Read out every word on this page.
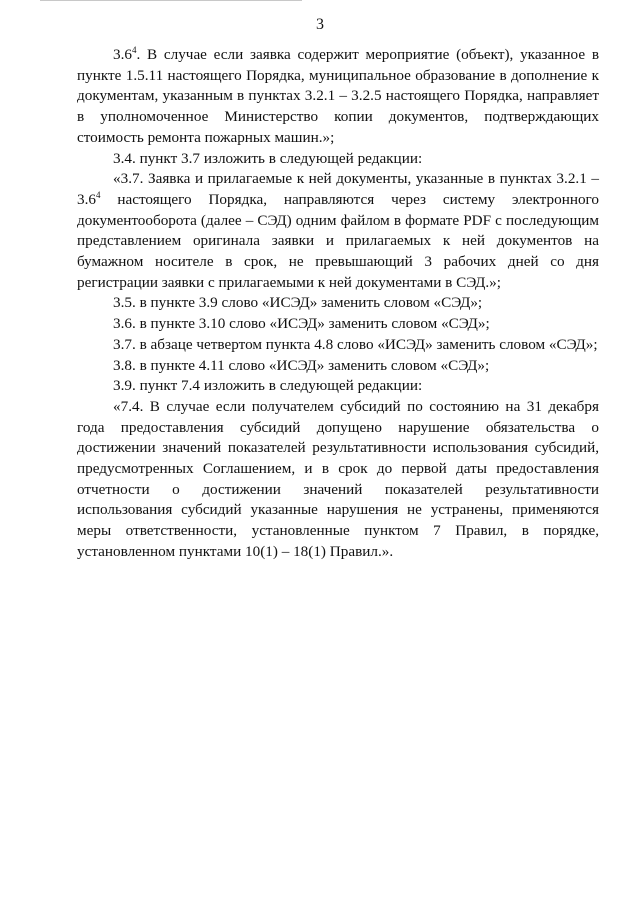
3

$3.6^4$. В случае если заявка содержит мероприятие (объект), указанное в пункте 1.5.11 настоящего Порядка, муниципальное образование в дополнение к документам, указанным в пунктах 3.2.1 – 3.2.5 настоящего Порядка, направляет в уполномоченное Министерство копии документов, подтверждающих стоимость ремонта пожарных машин.»;

3.4. пункт 3.7 изложить в следующей редакции:

«3.7. Заявка и прилагаемые к ней документы, указанные в пунктах $3.2.1 - 3.6^4$ настоящего Порядка, направляются через систему электронного документооборота (далее – СЭД) одним файлом в формате PDF с последующим представлением оригинала заявки и прилагаемых к ней документов на бумажном носителе в срок, не превышающий 3 рабочих дней со дня регистрации заявки с прилагаемыми к ней документами в СЭД.»;

3.5. в пункте 3.9 слово «ИСЭД» заменить словом «СЭД»;

3.6. в пункте 3.10 слово «ИСЭД» заменить словом «СЭД»;

3.7. в абзаце четвертом пункта 4.8 слово «ИСЭД» заменить словом «СЭД»;

3.8. в пункте 4.11 слово «ИСЭД» заменить словом «СЭД»;

3.9. пункт 7.4 изложить в следующей редакции:

«7.4. В случае если получателем субсидий по состоянию на 31 декабря года предоставления субсидий допущено нарушение обязательства о достижении значений показателей результативности использования субсидий, предусмотренных Соглашением, и в срок до первой даты предоставления отчетности о достижении значений показателей результативности использования субсидий указанные нарушения не устранены, применяются меры ответственности, установленные пунктом 7 Правил, в порядке, установленном пунктами 10(1) – 18(1) Правил.».
